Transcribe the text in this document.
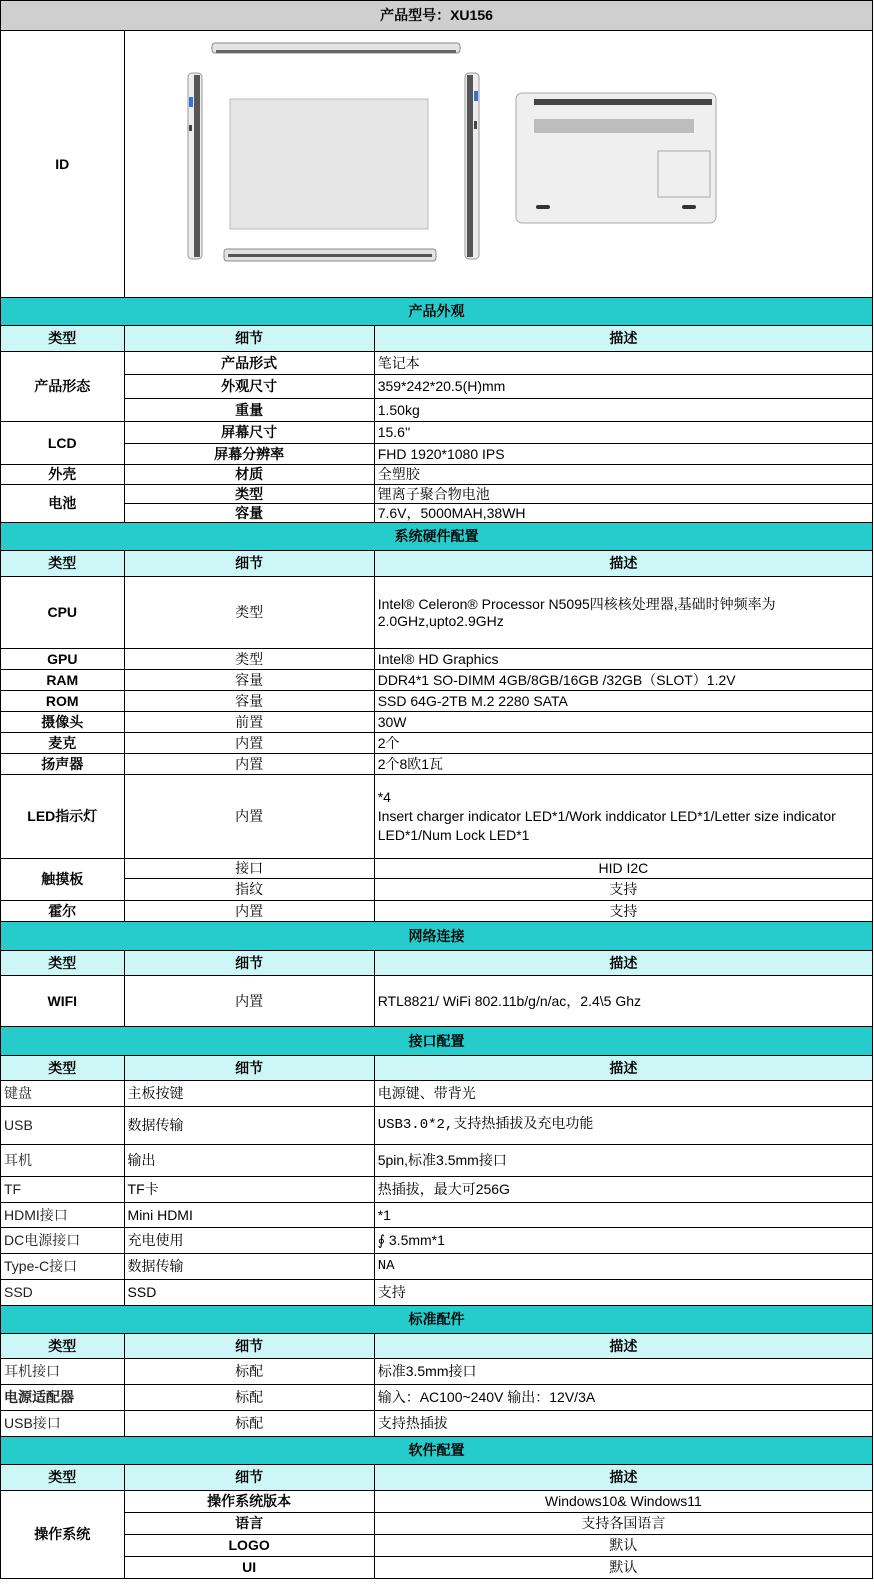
产品型号：XU156		
ID	

产品外观		
类型	细节	描述
产品形态	产品形式	笔记本
	外观尺寸	359*242*20.5(H)mm
	重量	1.50kg
LCD	屏幕尺寸	15.6''
	屏幕分辨率	FHD 1920*1080 IPS
外壳	材质	全塑胶
电池	类型	锂离子聚合物电池
	容量	7.6V，5000MAH,38WH
系统硬件配置		
类型	细节	描述
CPU	类型	Intel® Celeron® Processor N5095四核核处理器,基础时钟频率为2.0GHz,upto2.9GHz
GPU	类型	Intel® HD Graphics
RAM	容量	DDR4*1 SO-DIMM 4GB/8GB/16GB /32GB（SLOT）1.2V
ROM	容量	SSD 64G-2TB M.2 2280 SATA
摄像头	前置	30W
麦克	内置	2个
扬声器	内置	2个8欧1瓦
LED指示灯	内置	*4
Insert charger indicator LED*1/Work inddicator LED*1/Letter size indicator LED*1/Num Lock LED*1
触摸板	接口	HID I2C
	指纹	支持
霍尔	内置	支持
网络连接		
类型	细节	描述
WIFI	内置	RTL8821/ WiFi 802.11b/g/n/ac，2.4\5 Ghz
接口配置		
类型	细节	描述
键盘	主板按键	电源键、带背光
USB	数据传输	USB3.0*2,支持热插拔及充电功能
耳机	输出	5pin,标准3.5mm接口
TF	TF卡	热插拔，最大可256G
HDMI接口	Mini HDMI	*1
DC电源接口	充电使用	∮ 3.5mm*1
Type-C接口	数据传输	NA
SSD	SSD	支持
标准配件		
类型	细节	描述
耳机接口	标配	标准3.5mm接口
电源适配器	标配	输入：AC100~240V 输出：12V/3A
USB接口	标配	支持热插拔
软件配置		
类型	细节	描述
操作系统	操作系统版本	Windows10& Windows11
	语言	支持各国语言
	LOGO	默认
	UI	默认
